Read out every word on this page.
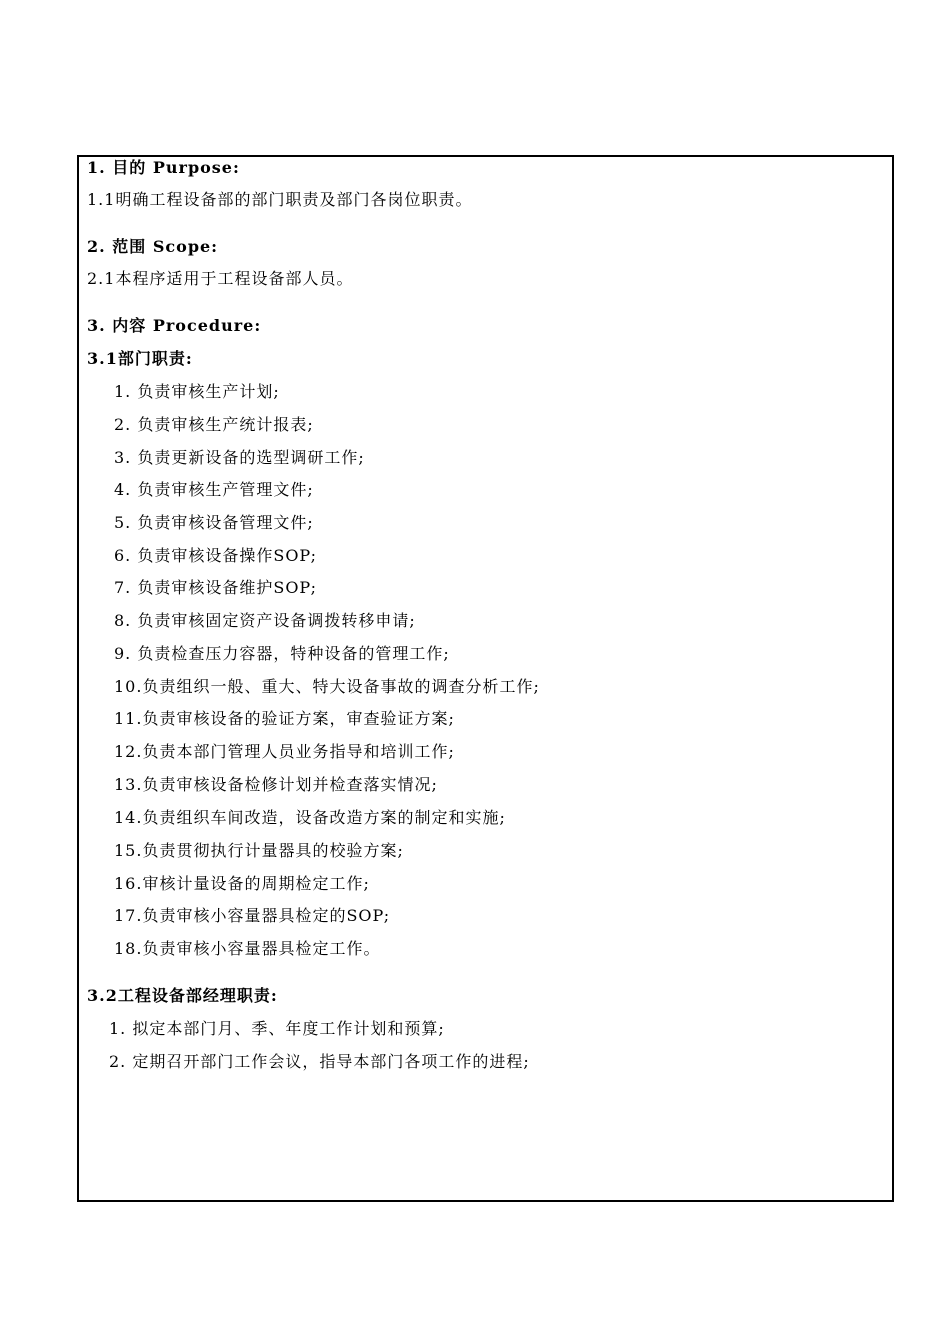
1. 目的 Purpose:
1.1明确工程设备部的部门职责及部门各岗位职责。
2. 范围 Scope:
2.1本程序适用于工程设备部人员。
3. 内容 Procedure:
3.1部门职责:
1. 负责审核生产计划;
2. 负责审核生产统计报表;
3. 负责更新设备的选型调研工作;
4. 负责审核生产管理文件;
5. 负责审核设备管理文件;
6. 负责审核设备操作SOP;
7. 负责审核设备维护SOP;
8. 负责审核固定资产设备调拨转移申请;
9. 负责检查压力容器，特种设备的管理工作;
10.负责组织一般、重大、特大设备事故的调查分析工作;
11.负责审核设备的验证方案，审查验证方案;
12.负责本部门管理人员业务指导和培训工作;
13.负责审核设备检修计划并检查落实情况;
14.负责组织车间改造，设备改造方案的制定和实施;
15.负责贯彻执行计量器具的校验方案;
16.审核计量设备的周期检定工作;
17.负责审核小容量器具检定的SOP;
18.负责审核小容量器具检定工作。
3.2工程设备部经理职责:
1. 拟定本部门月、季、年度工作计划和预算;
2. 定期召开部门工作会议，指导本部门各项工作的进程;
